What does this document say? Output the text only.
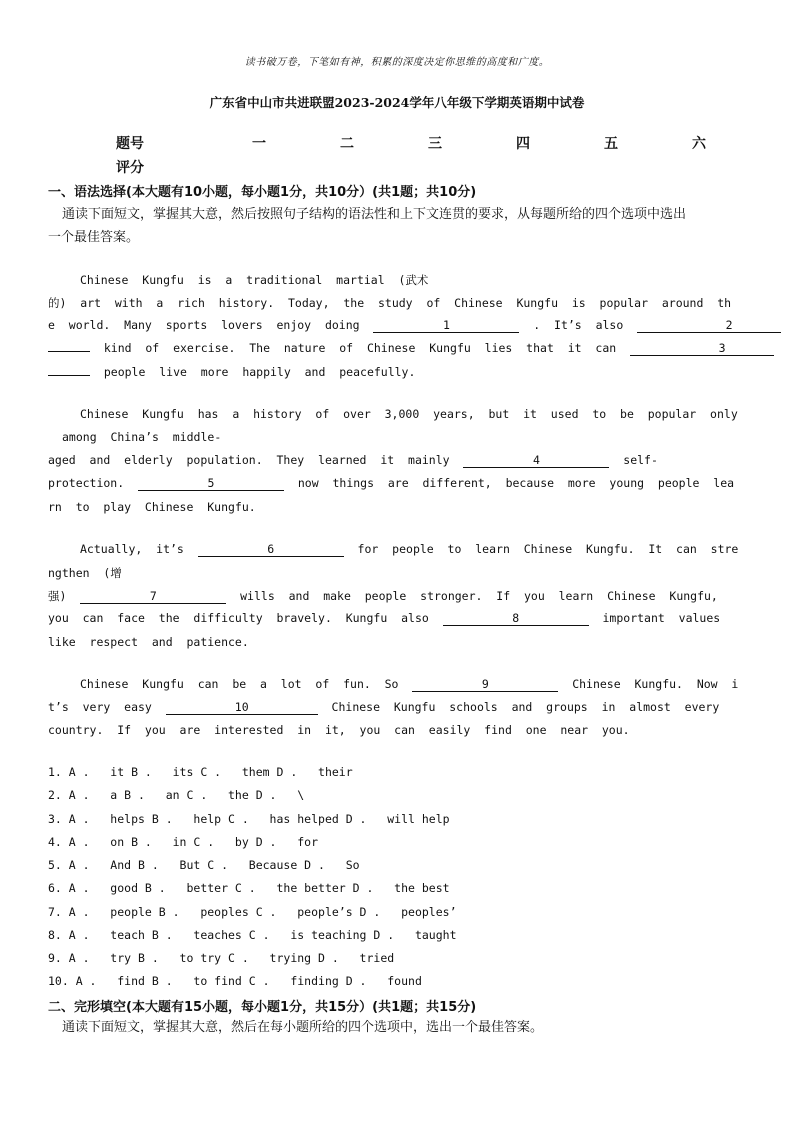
读书破万卷，下笔如有神，积累的深度决定你思维的高度和广度。
广东省中山市共进联盟2023-2024学年八年级下学期英语期中试卷
题号	一	二	三	四	五	六
评分
一、语法选择(本大题有10小题，每小题1分，共10分）(共1题；共10分)
通读下面短文，掌握其大意，然后按照句子结构的语法性和上下文连贯的要求，从每题所给的四个选项中选出
一个最佳答案。
Chinese  Kungfu  is  a  traditional  martial  (武术
的)  art  with  a  rich  history.  Today,  the  study  of  Chinese  Kungfu  is  popular  around  th
e  world.  Many  sports  lovers  enjoy  doing	1	.  It’s  also	2
kind  of  exercise.  The  nature  of  Chinese  Kungfu  lies  that  it  can	3
people  live  more  happily  and  peacefully.
Chinese  Kungfu  has  a  history  of  over  3,000  years,  but  it  used  to  be  popular  only
among  China’s  middle-
aged  and  elderly  population.  They  learned  it  mainly	4	self-
protection.	5	now  things  are  different,  because  more  young  people  lea
rn  to  play  Chinese  Kungfu.
Actually,  it’s	6	for  people  to  learn  Chinese  Kungfu.  It  can  stre
ngthen  (增
强)	7	wills  and  make  people  stronger.  If  you  learn  Chinese  Kungfu,
you  can  face  the  difficulty  bravely.  Kungfu  also	8	important  values
like  respect  and  patience.
Chinese  Kungfu  can  be  a  lot  of  fun.  So	9	Chinese  Kungfu.  Now  i
t’s  very  easy	10	Chinese  Kungfu  schools  and  groups  in  almost  every
country.  If  you  are  interested  in  it,  you  can  easily  find  one  near  you.
1. A .   it B .   its C .   them D .   their
2. A .   a B .   an C .   the D .   \
3. A .   helps B .   help C .   has helped D .   will help
4. A .   on B .   in C .   by D .   for
5. A .   And B .   But C .   Because D .   So
6. A .   good B .   better C .   the better D .   the best
7. A .   people B .   peoples C .   people’s D .   peoples’
8. A .   teach B .   teaches C .   is teaching D .   taught
9. A .   try B .   to try C .   trying D .   tried
10. A .   find B .   to find C .   finding D .   found
二、完形填空(本大题有15小题，每小题1分，共15分）(共1题；共15分)
通读下面短文，掌握其大意，然后在每小题所给的四个选项中，选出一个最佳答案。
